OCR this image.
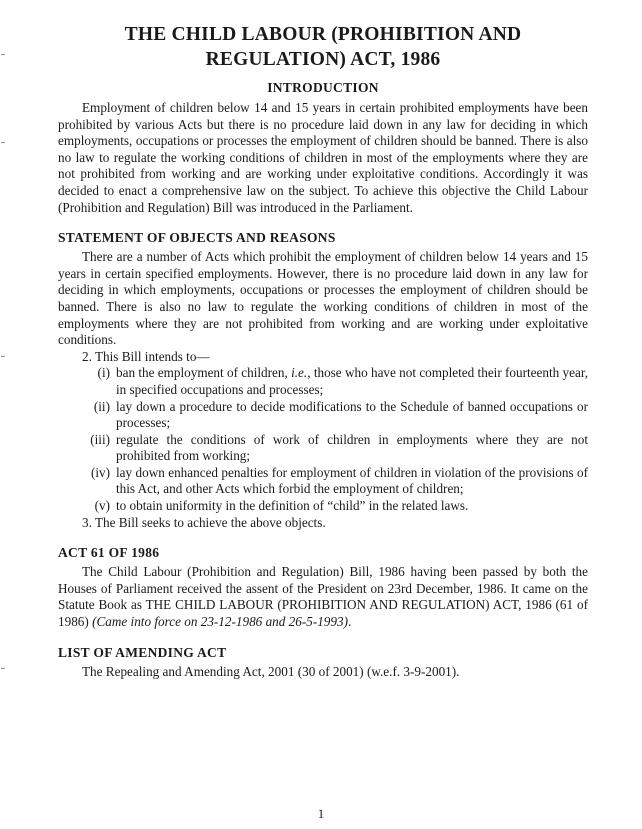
THE CHILD LABOUR (PROHIBITION AND
REGULATION) ACT, 1986
INTRODUCTION

Employment of children below 14 and 15 years in certain prohibited employments have been prohibited by various Acts but there is no procedure laid down in any law for deciding in which employments, occupations or processes the employment of children should be banned. There is also no law to regulate the working conditions of children in most of the employments where they are not prohibited from working and are working under exploitative conditions. Accordingly it was decided to enact a comprehensive law on the subject. To achieve this objective the Child Labour (Prohibition and Regulation) Bill was introduced in the Parliament.

STATEMENT OF OBJECTS AND REASONS

There are a number of Acts which prohibit the employment of children below 14 years and 15 years in certain specified employments. However, there is no procedure laid down in any law for deciding in which employments, occupations or processes the employment of children should be banned. There is also no law to regulate the working conditions of children in most of the employments where they are not prohibited from working and are working under exploitative conditions.

2. This Bill intends to—

(i) ban the employment of children, i.e., those who have not completed their fourteenth year, in specified occupations and processes;
(ii) lay down a procedure to decide modifications to the Schedule of banned occupations or processes;
(iii) regulate the conditions of work of children in employments where they are not prohibited from working;
(iv) lay down enhanced penalties for employment of children in violation of the provisions of this Act, and other Acts which forbid the employment of children;
(v) to obtain uniformity in the definition of “child” in the related laws.

3. The Bill seeks to achieve the above objects.

ACT 61 OF 1986

The Child Labour (Prohibition and Regulation) Bill, 1986 having been passed by both the Houses of Parliament received the assent of the President on 23rd December, 1986. It came on the Statute Book as THE CHILD LABOUR (PROHIBITION AND REGULATION) ACT, 1986 (61 of 1986) (Came into force on 23-12-1986 and 26-5-1993).

LIST OF AMENDING ACT

The Repealing and Amending Act, 2001 (30 of 2001) (w.e.f. 3-9-2001).

1
